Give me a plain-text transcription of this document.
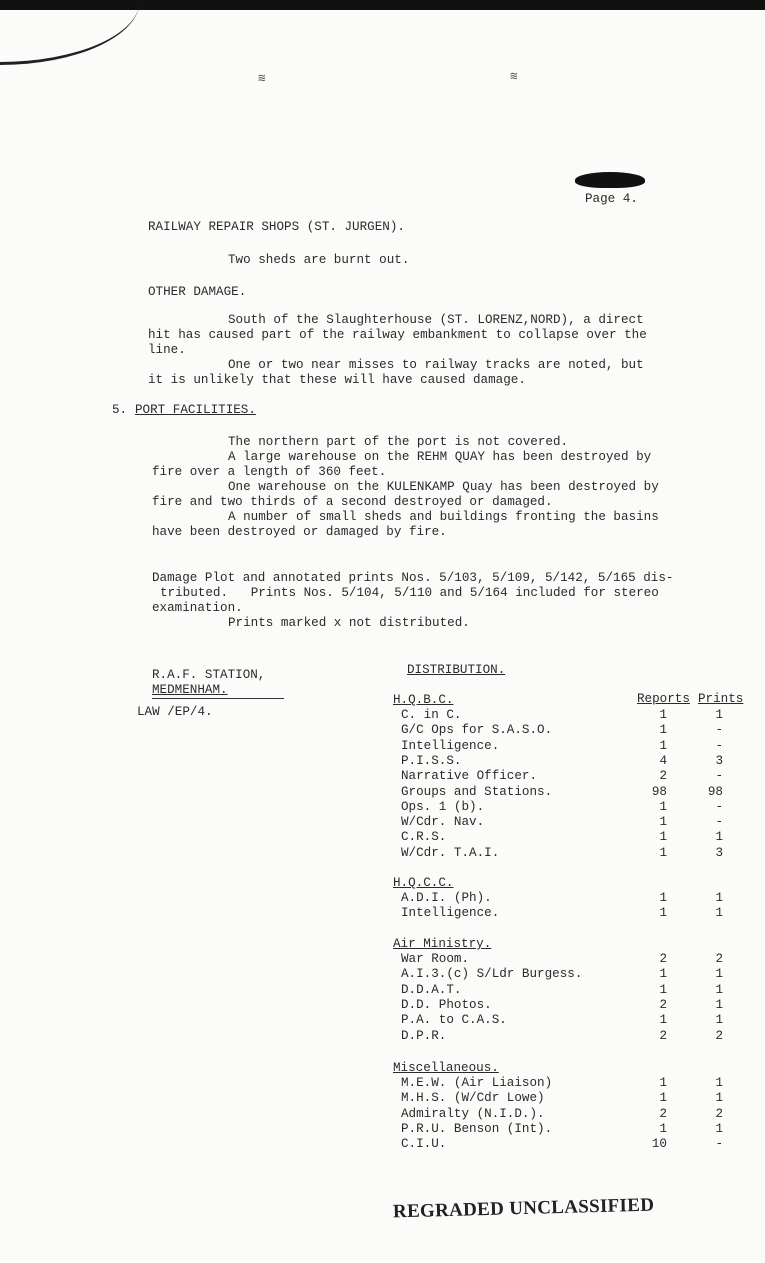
≋	≋
Page 4.
RAILWAY REPAIR SHOPS (ST. JURGEN).
Two sheds are burnt out.
OTHER DAMAGE.
South of the Slaughterhouse (ST. LORENZ,NORD), a direct
hit has caused part of the railway embankment to collapse over the
line.
One or two near misses to railway tracks are noted, but
it is unlikely that these will have caused damage.
5. PORT FACILITIES.
The northern part of the port is not covered.
A large warehouse on the REHM QUAY has been destroyed by
fire over a length of 360 feet.
One warehouse on the KULENKAMP Quay has been destroyed by
fire and two thirds of a second destroyed or damaged.
A number of small sheds and buildings fronting the basins
have been destroyed or damaged by fire.
Damage Plot and annotated prints Nos. 5/103, 5/109, 5/142, 5/165 dis-
tributed.   Prints Nos. 5/104, 5/110 and 5/164 included for stereo
examination.
Prints marked x not distributed.
R.A.F. STATION,
MEDMENHAM.
LAW /EP/4.
DISTRIBUTION.
Reports Prints
H.Q.B.C.
C. in C.	1	1
G/C Ops for S.A.S.O.	1	-
Intelligence.	1	-
P.I.S.S.	4	3
Narrative Officer.	2	-
Groups and Stations.	98	98
Ops. 1 (b).	1	-
W/Cdr. Nav.	1	-
C.R.S.	1	1
W/Cdr. T.A.I.	1	3
H.Q.C.C.
A.D.I. (Ph).	1	1
Intelligence.	1	1
Air Ministry.
War Room.	2	2
A.I.3.(c) S/Ldr Burgess.	1	1
D.D.A.T.	1	1
D.D. Photos.	2	1
P.A. to C.A.S.	1	1
D.P.R.	2	2
Miscellaneous.
M.E.W. (Air Liaison)	1	1
M.H.S. (W/Cdr Lowe)	1	1
Admiralty (N.I.D.).	2	2
P.R.U. Benson (Int).	1	1
C.I.U.	10	-
REGRADED UNCLASSIFIED
